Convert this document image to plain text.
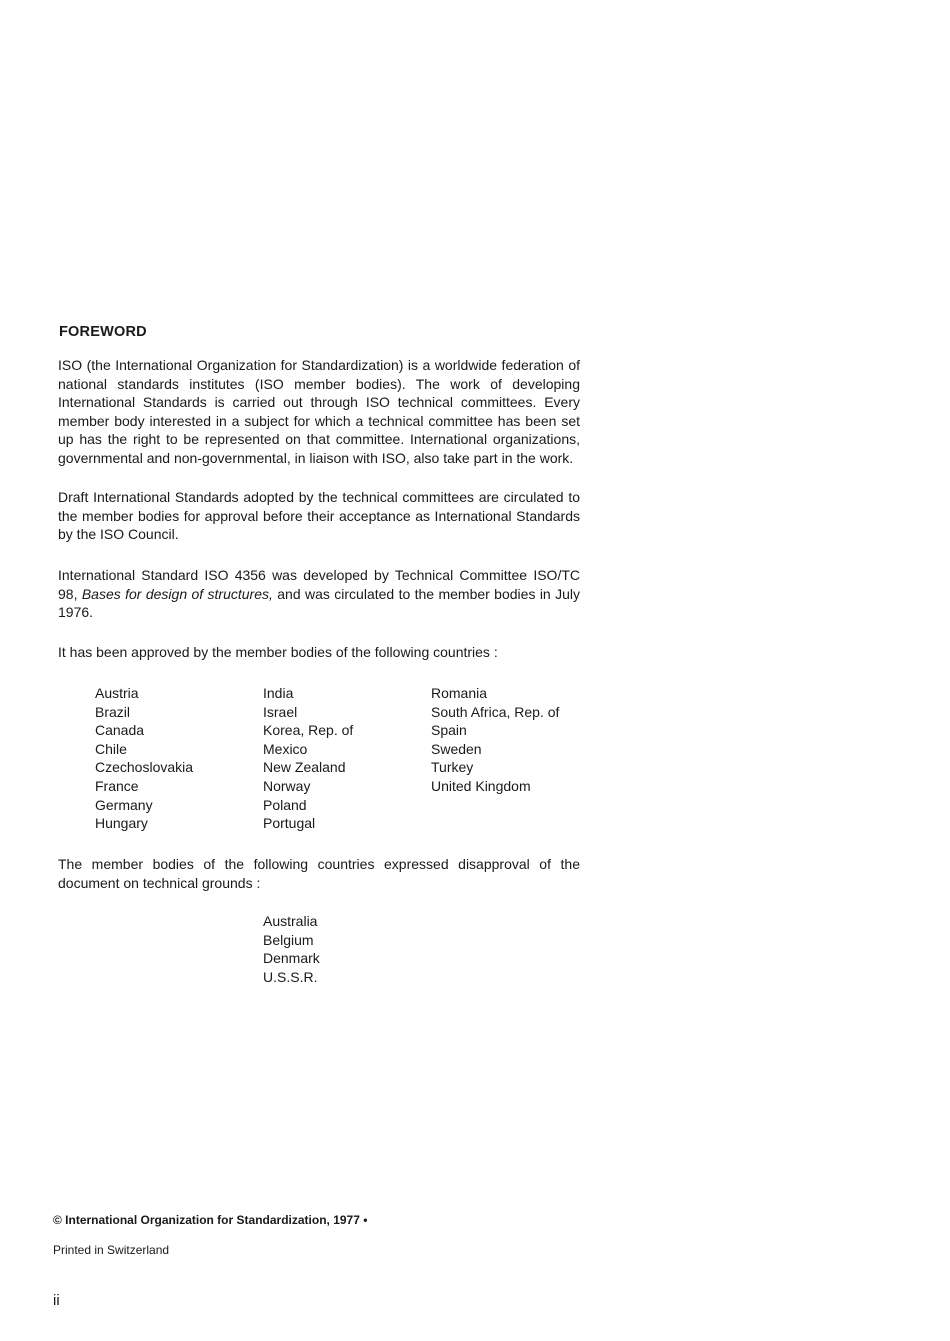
FOREWORD

ISO (the International Organization for Standardization) is a worldwide federation of national standards institutes (ISO member bodies). The work of developing International Standards is carried out through ISO technical committees. Every member body interested in a subject for which a technical committee has been set up has the right to be represented on that committee. International organizations, governmental and non-governmental, in liaison with ISO, also take part in the work.

Draft International Standards adopted by the technical committees are circulated to the member bodies for approval before their acceptance as International Standards by the ISO Council.

International Standard ISO 4356 was developed by Technical Committee ISO/TC 98, Bases for design of structures, and was circulated to the member bodies in July 1976.

It has been approved by the member bodies of the following countries :

Austria
Brazil
Canada
Chile
Czechoslovakia
France
Germany
Hungary
India
Israel
Korea, Rep. of
Mexico
New Zealand
Norway
Poland
Portugal
Romania
South Africa, Rep. of
Spain
Sweden
Turkey
United Kingdom

The member bodies of the following countries expressed disapproval of the document on technical grounds :

Australia
Belgium
Denmark
U.S.S.R.

© International Organization for Standardization, 1977 •

Printed in Switzerland

ii
